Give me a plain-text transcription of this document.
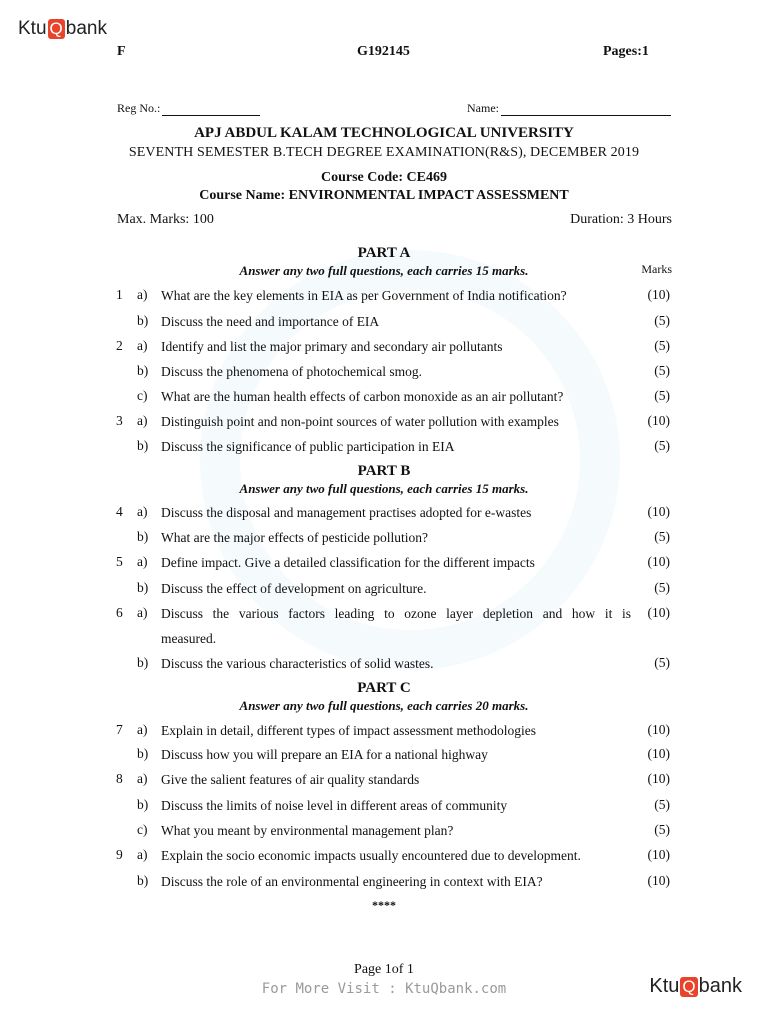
Ktu Q bank
F	G192145	Pages:1
Reg No.:	Name:
APJ ABDUL KALAM TECHNOLOGICAL UNIVERSITY
SEVENTH SEMESTER B.TECH DEGREE EXAMINATION(R&S), DECEMBER 2019
Course Code: CE469
Course Name: ENVIRONMENTAL IMPACT ASSESSMENT
Max. Marks: 100	Duration: 3 Hours
PART A
Answer any two full questions, each carries 15 marks.	Marks
1 a) What are the key elements in EIA as per Government of India notification?	(10)
b) Discuss the need and importance of EIA	(5)
2 a) Identify and list the major primary and secondary air pollutants	(5)
b) Discuss the phenomena of photochemical smog.	(5)
c) What are the human health effects of carbon monoxide as an air pollutant?	(5)
3 a) Distinguish point and non-point sources of water pollution with examples	(10)
b) Discuss the significance of public participation in EIA	(5)
PART B
Answer any two full questions, each carries 15 marks.
4 a) Discuss the disposal and management practises adopted for e-wastes	(10)
b) What are the major effects of pesticide pollution?	(5)
5 a) Define impact. Give a detailed classification for the different impacts	(10)
b) Discuss the effect of development on agriculture.	(5)
6 a) Discuss the various factors leading to ozone layer depletion and how it is
measured.
(10)
b) Discuss the various characteristics of solid wastes.	(5)
PART C
Answer any two full questions, each carries 20 marks.
7 a) Explain in detail, different types of impact assessment methodologies	(10)
b) Discuss how you will prepare an EIA for a national highway	(10)
8 a) Give the salient features of air quality standards	(10)
b) Discuss the limits of noise level in different areas of community	(5)
c) What you meant by environmental management plan?	(5)
9 a) Explain the socio economic impacts usually encountered due to development.	(10)
b) Discuss the role of an environmental engineering in context with EIA?	(10)
****
Page 1of 1
For More Visit : KtuQbank.com	Ktu Q bank
